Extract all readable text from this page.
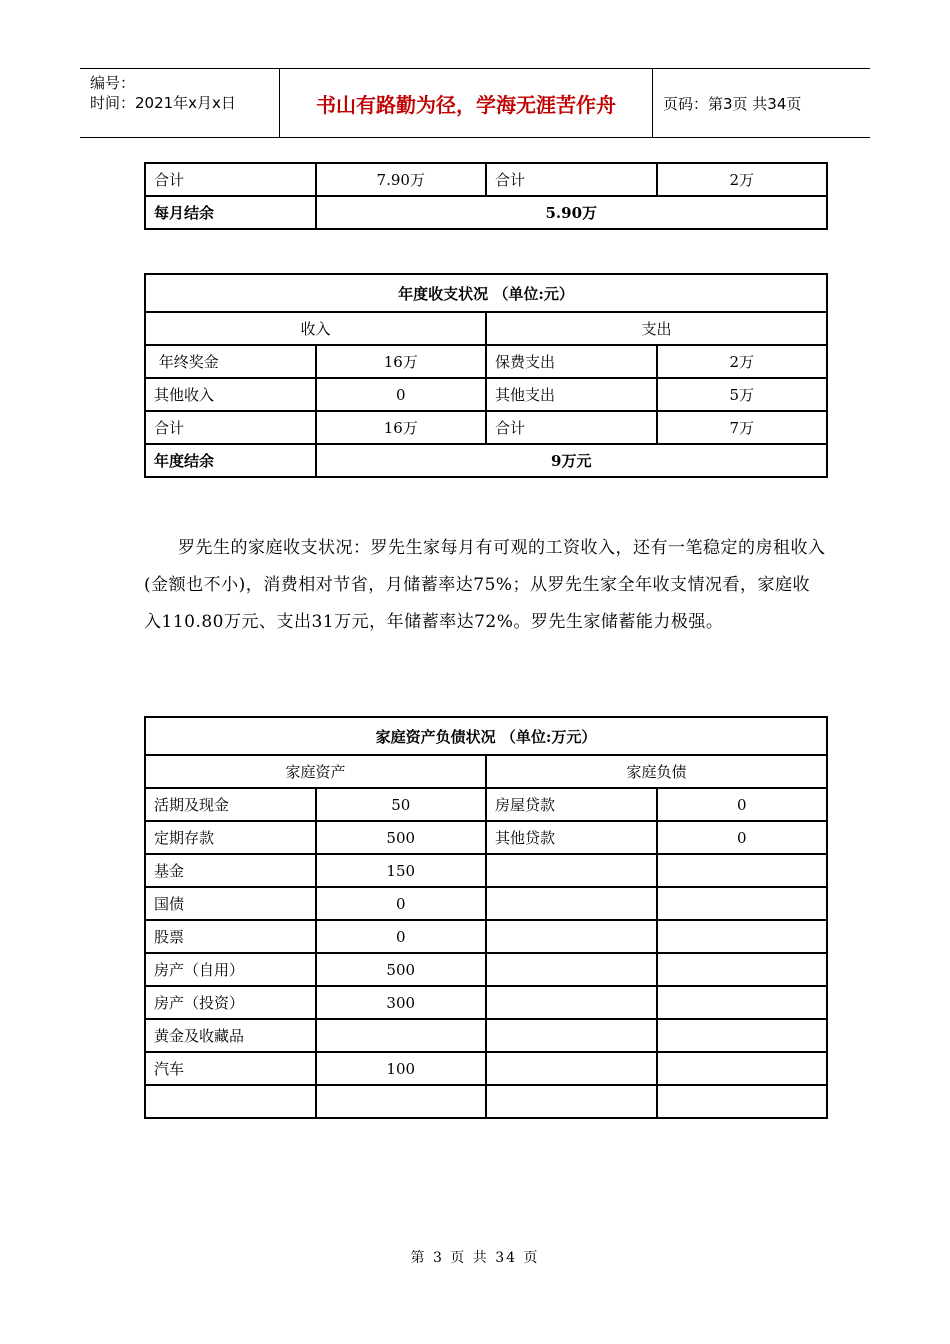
编号：
时间：2021年x月x日	书山有路勤为径，学海无涯苦作舟	页码：第3页 共34页
合计	7.90万	合计	2万
每月结余	5.90万		
年度收支状况 （单位:元）			
收入		支出	
年终奖金	16万	保费支出	2万
其他收入	0	其他支出	5万
合计	16万	合计	7万
年度结余	9万元		
罗先生的家庭收支状况：罗先生家每月有可观的工资收入，还有一笔稳定的房租收入(金额也不小)，消费相对节省，月储蓄率达75%；从罗先生家全年收支情况看，家庭收入110.80万元、支出31万元，年储蓄率达72%。罗先生家储蓄能力极强。
家庭资产负债状况 （单位:万元）			
家庭资产		家庭负债	
活期及现金	50	房屋贷款	0
定期存款	500	其他贷款	0
基金	150		
国债	0		
股票	0		
房产（自用）	500		
房产（投资）	300		
黄金及收藏品			
汽车	100		

第 3 页 共 34 页
